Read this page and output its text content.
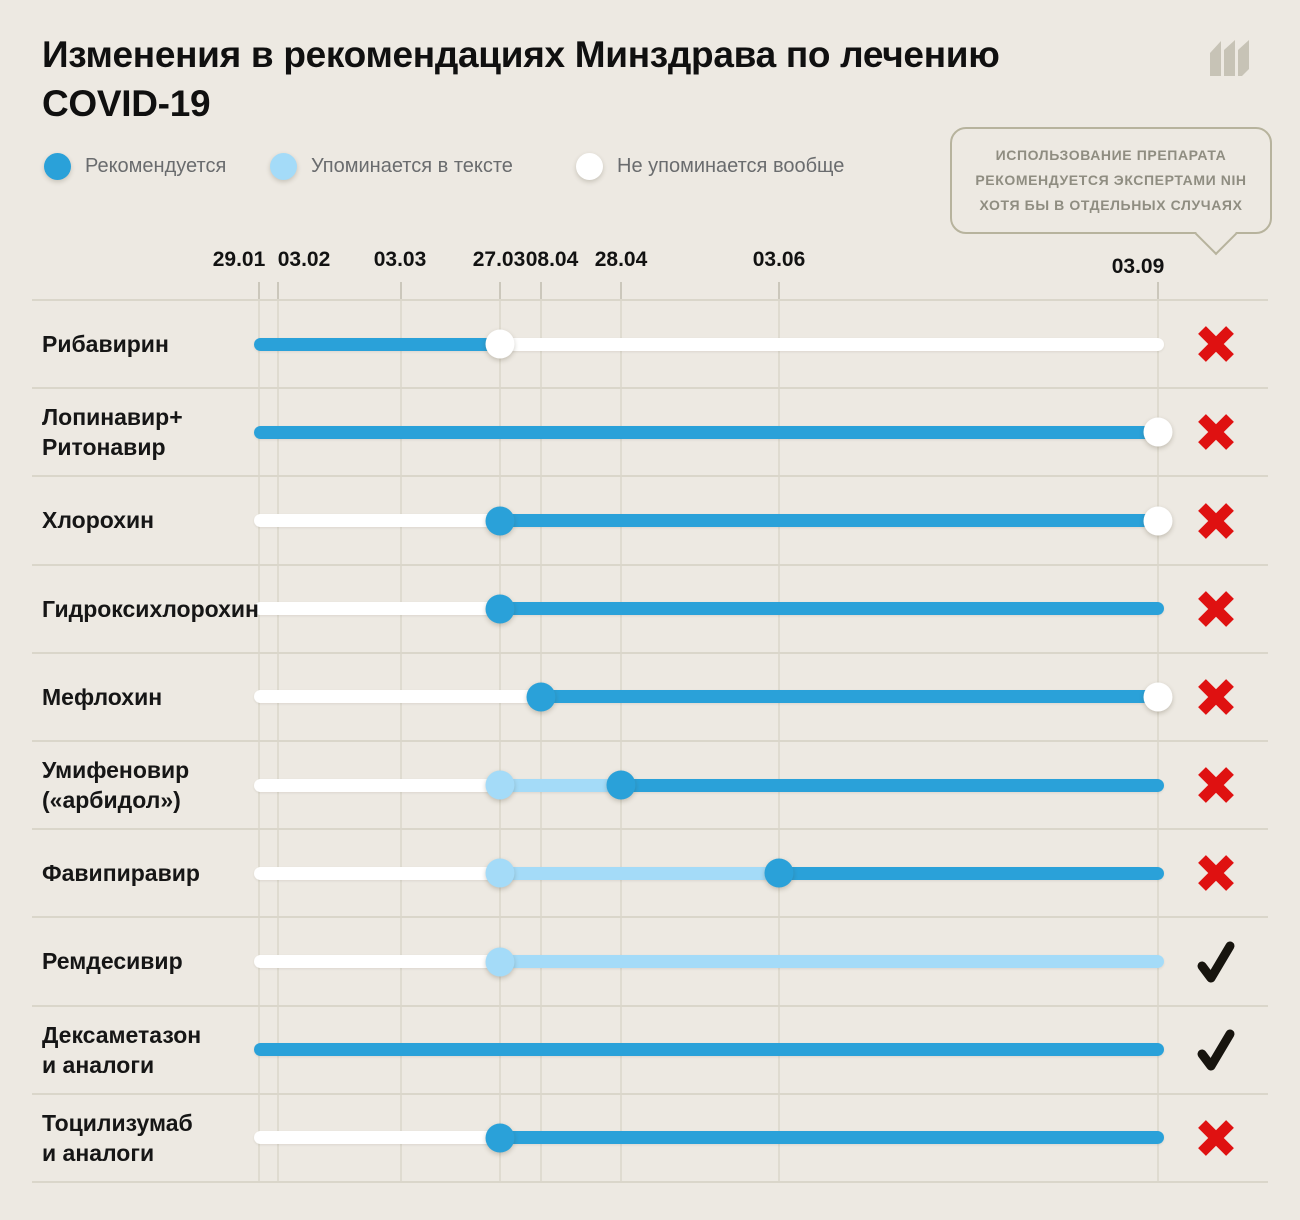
Изменения в рекомендациях Минздрава по лечению
COVID-19
Рекомендуется	Упоминается в тексте	Не упоминается вообще	ИСПОЛЬЗОВАНИЕ ПРЕПАРАТА
РЕКОМЕНДУЕТСЯ ЭКСПЕРТАМИ NIH
ХОТЯ БЫ В ОТДЕЛЬНЫХ СЛУЧАЯХ
29.01 03.02 03.03 27.03 08.04 28.04	03.06	03.09
Рибавирин
Лопинавир+
Ритонавир
Хлорохин
Гидроксихлорохин
Мефлохин
Умифеновир
(«арбидол»)
Фавипиравир
Ремдесивир
Дексаметазон
и аналоги
Тоцилизумаб
и аналоги
